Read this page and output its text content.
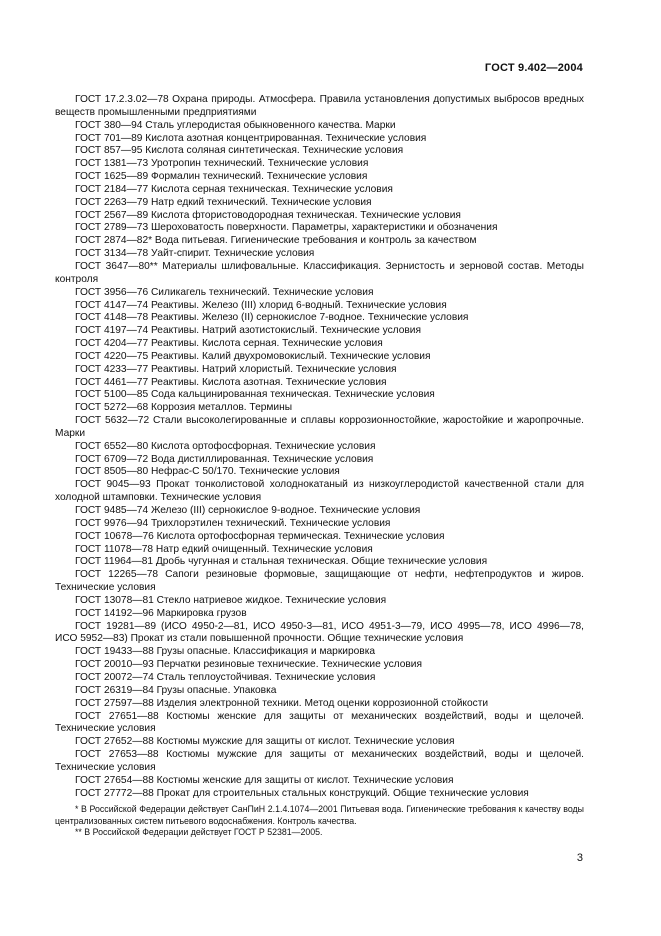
ГОСТ 9.402—2004
ГОСТ 17.2.3.02—78 Охрана природы. Атмосфера. Правила установления допустимых выбросов вредных веществ промышленными предприятиями
ГОСТ 380—94 Сталь углеродистая обыкновенного качества. Марки
ГОСТ 701—89 Кислота азотная концентрированная. Технические условия
ГОСТ 857—95 Кислота соляная синтетическая. Технические условия
ГОСТ 1381—73 Уротропин технический. Технические условия
ГОСТ 1625—89 Формалин технический. Технические условия
ГОСТ 2184—77 Кислота серная техническая. Технические условия
ГОСТ 2263—79 Натр едкий технический. Технические условия
ГОСТ 2567—89 Кислота фтористоводородная техническая. Технические условия
ГОСТ 2789—73 Шероховатость поверхности. Параметры, характеристики и обозначения
ГОСТ 2874—82* Вода питьевая. Гигиенические требования и контроль за качеством
ГОСТ 3134—78 Уайт-спирит. Технические условия
ГОСТ 3647—80** Материалы шлифовальные. Классификация. Зернистость и зерновой состав. Методы контроля
ГОСТ 3956—76 Силикагель технический. Технические условия
ГОСТ 4147—74 Реактивы. Железо (III) хлорид 6-водный. Технические условия
ГОСТ 4148—78 Реактивы. Железо (II) сернокислое 7-водное. Технические условия
ГОСТ 4197—74 Реактивы. Натрий азотистокислый. Технические условия
ГОСТ 4204—77 Реактивы. Кислота серная. Технические условия
ГОСТ 4220—75 Реактивы. Калий двухромовокислый. Технические условия
ГОСТ 4233—77 Реактивы. Натрий хлористый. Технические условия
ГОСТ 4461—77 Реактивы. Кислота азотная. Технические условия
ГОСТ 5100—85 Сода кальцинированная техническая. Технические условия
ГОСТ 5272—68 Коррозия металлов. Термины
ГОСТ 5632—72 Стали высоколегированные и сплавы коррозионностойкие, жаростойкие и жаропрочные. Марки
ГОСТ 6552—80 Кислота ортофосфорная. Технические условия
ГОСТ 6709—72 Вода дистиллированная. Технические условия
ГОСТ 8505—80 Нефрас-С 50/170. Технические условия
ГОСТ 9045—93 Прокат тонколистовой холоднокатаный из низкоуглеродистой качественной стали для холодной штамповки. Технические условия
ГОСТ 9485—74 Железо (III) сернокислое 9-водное. Технические условия
ГОСТ 9976—94 Трихлорэтилен технический. Технические условия
ГОСТ 10678—76 Кислота ортофосфорная термическая. Технические условия
ГОСТ 11078—78 Натр едкий очищенный. Технические условия
ГОСТ 11964—81 Дробь чугунная и стальная техническая. Общие технические условия
ГОСТ 12265—78 Сапоги резиновые формовые, защищающие от нефти, нефтепродуктов и жиров. Технические условия
ГОСТ 13078—81 Стекло натриевое жидкое. Технические условия
ГОСТ 14192—96 Маркировка грузов
ГОСТ 19281—89 (ИСО 4950-2—81, ИСО 4950-3—81, ИСО 4951-3—79, ИСО 4995—78, ИСО 4996—78, ИСО 5952—83) Прокат из стали повышенной прочности. Общие технические условия
ГОСТ 19433—88 Грузы опасные. Классификация и маркировка
ГОСТ 20010—93 Перчатки резиновые технические. Технические условия
ГОСТ 20072—74 Сталь теплоустойчивая. Технические условия
ГОСТ 26319—84 Грузы опасные. Упаковка
ГОСТ 27597—88 Изделия электронной техники. Метод оценки коррозионной стойкости
ГОСТ 27651—88 Костюмы женские для защиты от механических воздействий, воды и щелочей. Технические условия
ГОСТ 27652—88 Костюмы мужские для защиты от кислот. Технические условия
ГОСТ 27653—88 Костюмы мужские для защиты от механических воздействий, воды и щелочей. Технические условия
ГОСТ 27654—88 Костюмы женские для защиты от кислот. Технические условия
ГОСТ 27772—88 Прокат для строительных стальных конструкций. Общие технические условия
* В Российской Федерации действует СанПиН 2.1.4.1074—2001 Питьевая вода. Гигиенические требования к качеству воды централизованных систем питьевого водоснабжения. Контроль качества.
** В Российской Федерации действует ГОСТ Р 52381—2005.
3
